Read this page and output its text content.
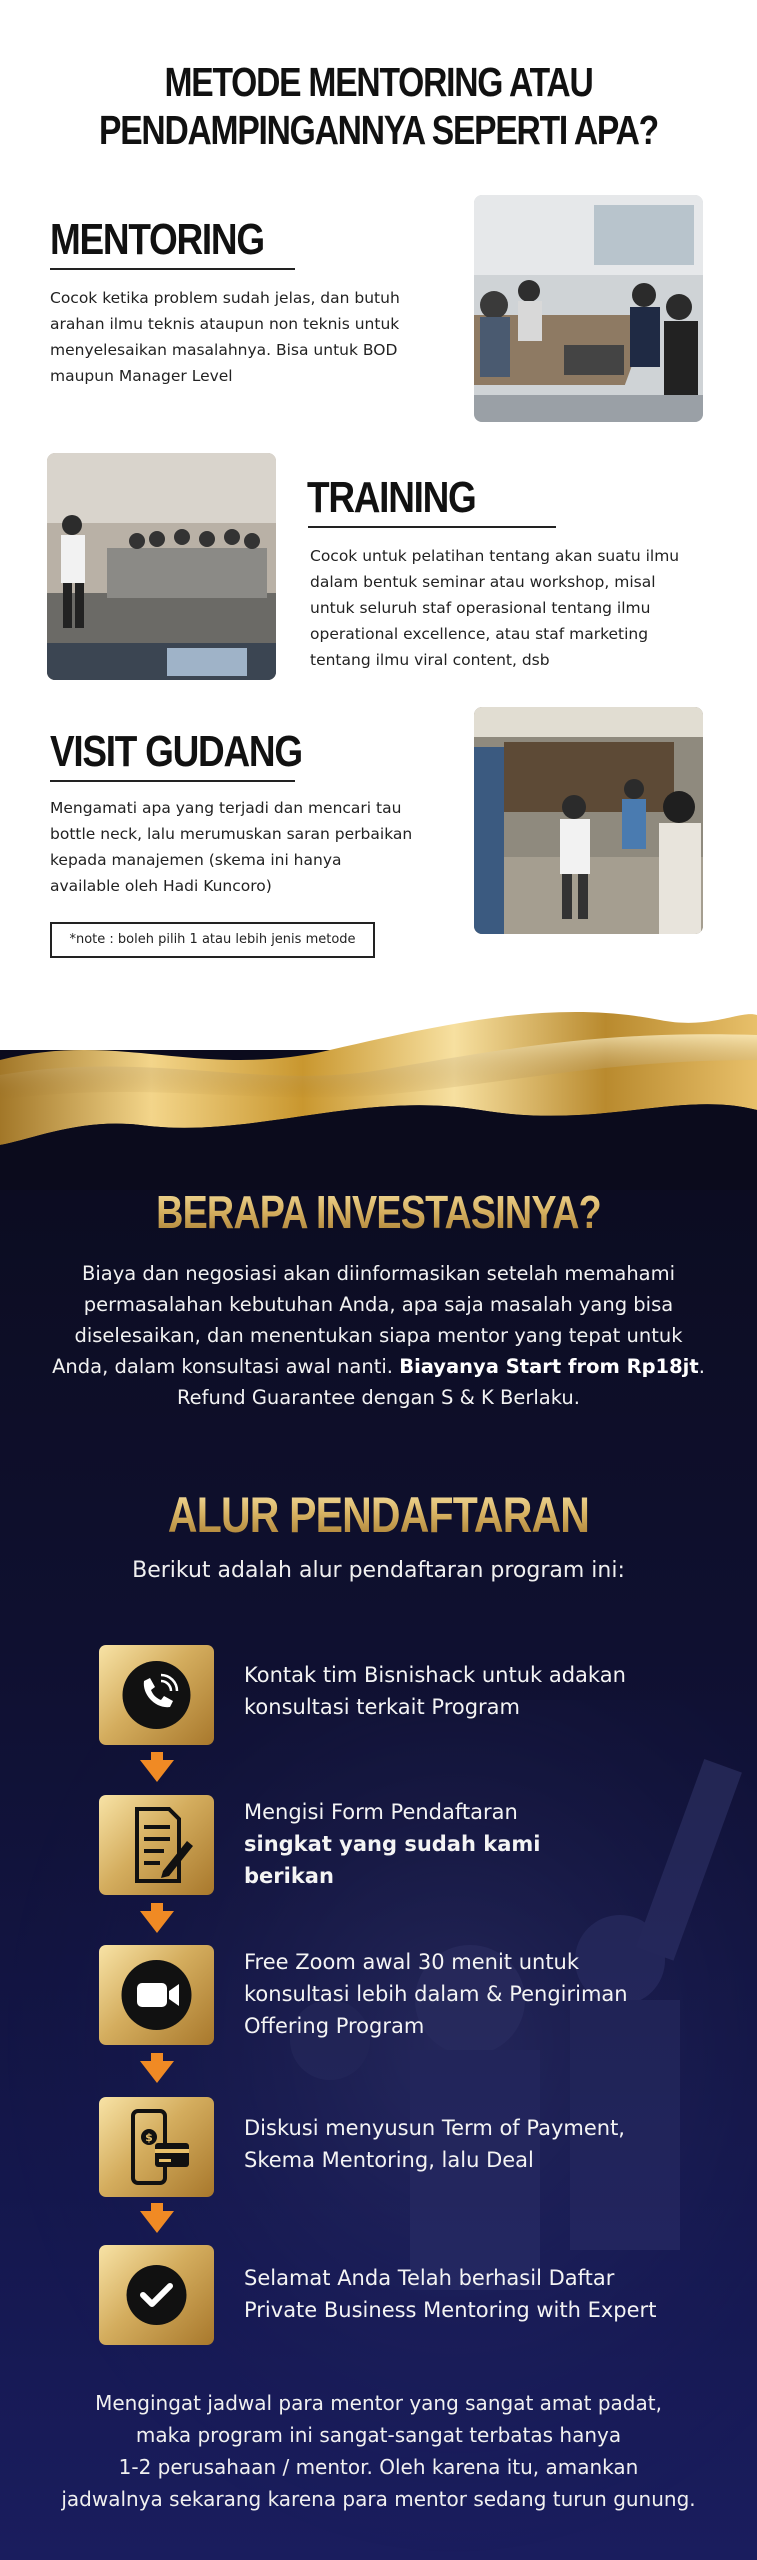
METODE MENTORING ATAU
PENDAMPINGANNYA SEPERTI APA?
MENTORING
Cocok ketika problem sudah jelas, dan butuh
arahan ilmu teknis ataupun non teknis untuk
menyelesaikan masalahnya. Bisa untuk BOD
maupun Manager Level
TRAINING
Cocok untuk pelatihan tentang akan suatu ilmu
dalam bentuk seminar atau workshop, misal
untuk seluruh staf operasional tentang ilmu
operational excellence, atau staf marketing
tentang ilmu viral content, dsb
VISIT GUDANG
Mengamati apa yang terjadi dan mencari tau
bottle neck, lalu merumuskan saran perbaikan
kepada manajemen (skema ini hanya
available oleh Hadi Kuncoro)
*note : boleh pilih 1 atau lebih jenis metode
BERAPA INVESTASINYA?
Biaya dan negosiasi akan diinformasikan setelah memahami
permasalahan kebutuhan Anda, apa saja masalah yang bisa
diselesaikan, dan menentukan siapa mentor yang tepat untuk
Anda, dalam konsultasi awal nanti. Biayanya Start from Rp18jt.
Refund Guarantee dengan S & K Berlaku.
ALUR PENDAFTARAN
Berikut adalah alur pendaftaran program ini:
Kontak tim Bisnishack untuk adakan
konsultasi terkait Program
Mengisi Form Pendaftaran
singkat yang sudah kami
berikan
Free Zoom awal 30 menit untuk
konsultasi lebih dalam & Pengiriman
Offering Program
$	Diskusi menyusun Term of Payment,
Skema Mentoring, lalu Deal
Selamat Anda Telah berhasil Daftar
Private Business Mentoring with Expert
Mengingat jadwal para mentor yang sangat amat padat,
maka program ini sangat-sangat terbatas hanya
1-2 perusahaan / mentor. Oleh karena itu, amankan
jadwalnya sekarang karena para mentor sedang turun gunung.
